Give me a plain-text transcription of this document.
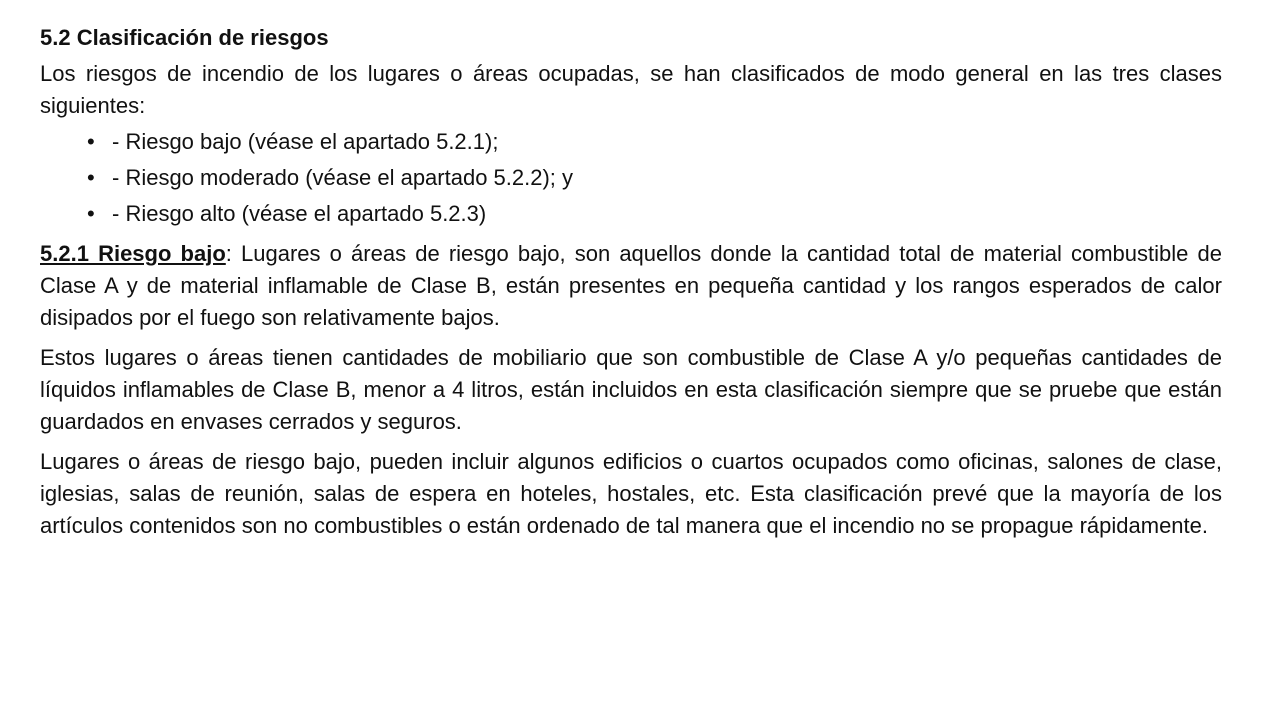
5.2 Clasificación de riesgos

Los riesgos de incendio de los lugares o áreas ocupadas, se han clasificados de modo general en las tres clases siguientes:

• - Riesgo bajo (véase el apartado 5.2.1);
• - Riesgo moderado (véase el apartado 5.2.2); y
• - Riesgo alto (véase el apartado 5.2.3)

5.2.1 Riesgo bajo: Lugares o áreas de riesgo bajo, son aquellos donde la cantidad total de material combustible de Clase A y de material inflamable de Clase B, están presentes en pequeña cantidad y los rangos esperados de calor disipados por el fuego son relativamente bajos.

Estos lugares o áreas tienen cantidades de mobiliario que son combustible de Clase A y/o pequeñas cantidades de líquidos inflamables de Clase B, menor a 4 litros, están incluidos en esta clasificación siempre que se pruebe que están guardados en envases cerrados y seguros.

Lugares o áreas de riesgo bajo, pueden incluir algunos edificios o cuartos ocupados como oficinas, salones de clase, iglesias, salas de reunión, salas de espera en hoteles, hostales, etc. Esta clasificación prevé que la mayoría de los artículos contenidos son no combustibles o están ordenado de tal manera que el incendio no se propague rápidamente.
